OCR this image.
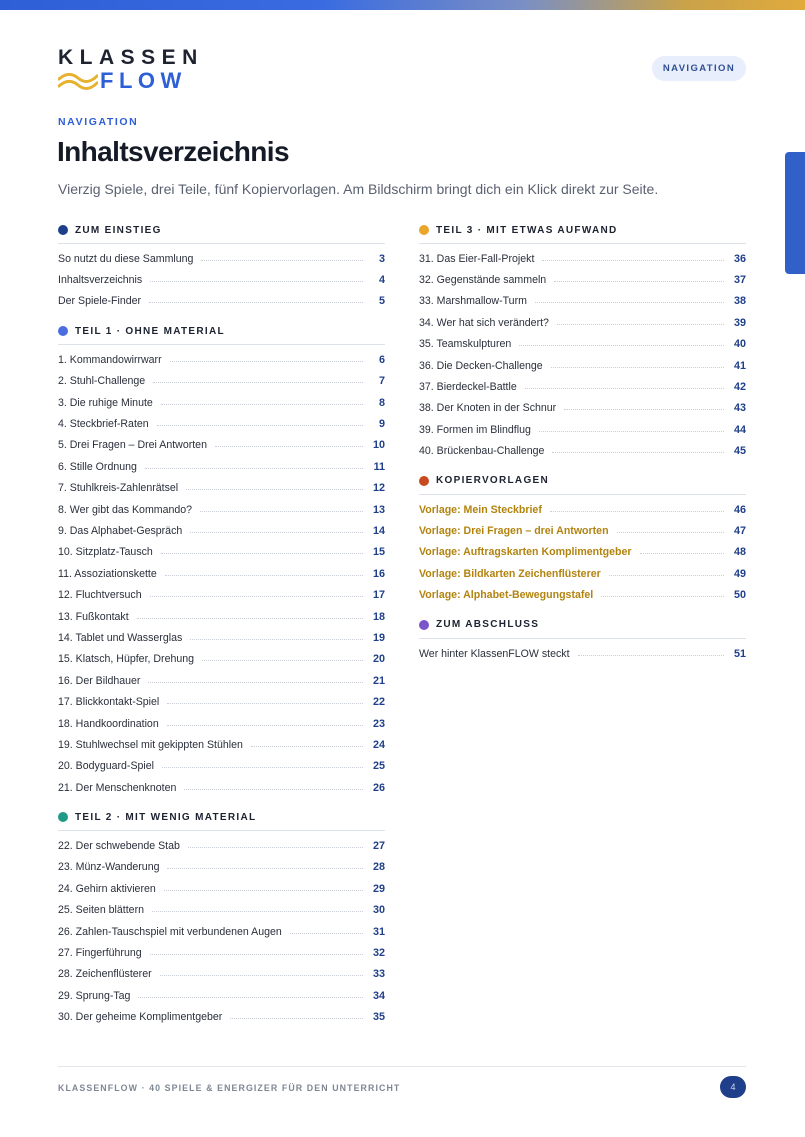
KLASSEN
FLOW	NAVIGATION
NAVIGATION
Inhaltsverzeichnis

Vierzig Spiele, drei Teile, fünf Kopiervorlagen. Am Bildschirm bringt dich ein Klick direkt zur Seite.

ZUM EINSTIEG
So nutzt du diese Sammlung	3
Inhaltsverzeichnis	4
Der Spiele-Finder	5
TEIL 1 · OHNE MATERIAL
1. Kommandowirrwarr	6
2. Stuhl-Challenge	7
3. Die ruhige Minute	8
4. Steckbrief-Raten	9
5. Drei Fragen – Drei Antworten	10
6. Stille Ordnung	11
7. Stuhlkreis-Zahlenrätsel	12
8. Wer gibt das Kommando?	13
9. Das Alphabet-Gespräch	14
10. Sitzplatz-Tausch	15
11. Assoziationskette	16
12. Fluchtversuch	17
13. Fußkontakt	18
14. Tablet und Wasserglas	19
15. Klatsch, Hüpfer, Drehung	20
16. Der Bildhauer	21
17. Blickkontakt-Spiel	22
18. Handkoordination	23
19. Stuhlwechsel mit gekippten Stühlen	24
20. Bodyguard-Spiel	25
21. Der Menschenknoten	26
TEIL 2 · MIT WENIG MATERIAL
22. Der schwebende Stab	27
23. Münz-Wanderung	28
24. Gehirn aktivieren	29
25. Seiten blättern	30
26. Zahlen-Tauschspiel mit verbundenen Augen	31
27. Fingerführung	32
28. Zeichenflüsterer	33
29. Sprung-Tag	34
30. Der geheime Komplimentgeber	35
TEIL 3 · MIT ETWAS AUFWAND
31. Das Eier-Fall-Projekt	36
32. Gegenstände sammeln	37
33. Marshmallow-Turm	38
34. Wer hat sich verändert?	39
35. Teamskulpturen	40
36. Die Decken-Challenge	41
37. Bierdeckel-Battle	42
38. Der Knoten in der Schnur	43
39. Formen im Blindflug	44
40. Brückenbau-Challenge	45
KOPIERVORLAGEN
Vorlage: Mein Steckbrief	46
Vorlage: Drei Fragen – drei Antworten	47
Vorlage: Auftragskarten Komplimentgeber	48
Vorlage: Bildkarten Zeichenflüsterer	49
Vorlage: Alphabet-Bewegungstafel	50
ZUM ABSCHLUSS
Wer hinter KlassenFLOW steckt	51
KLASSENFLOW · 40 SPIELE & ENERGIZER FÜR DEN UNTERRICHT	4
